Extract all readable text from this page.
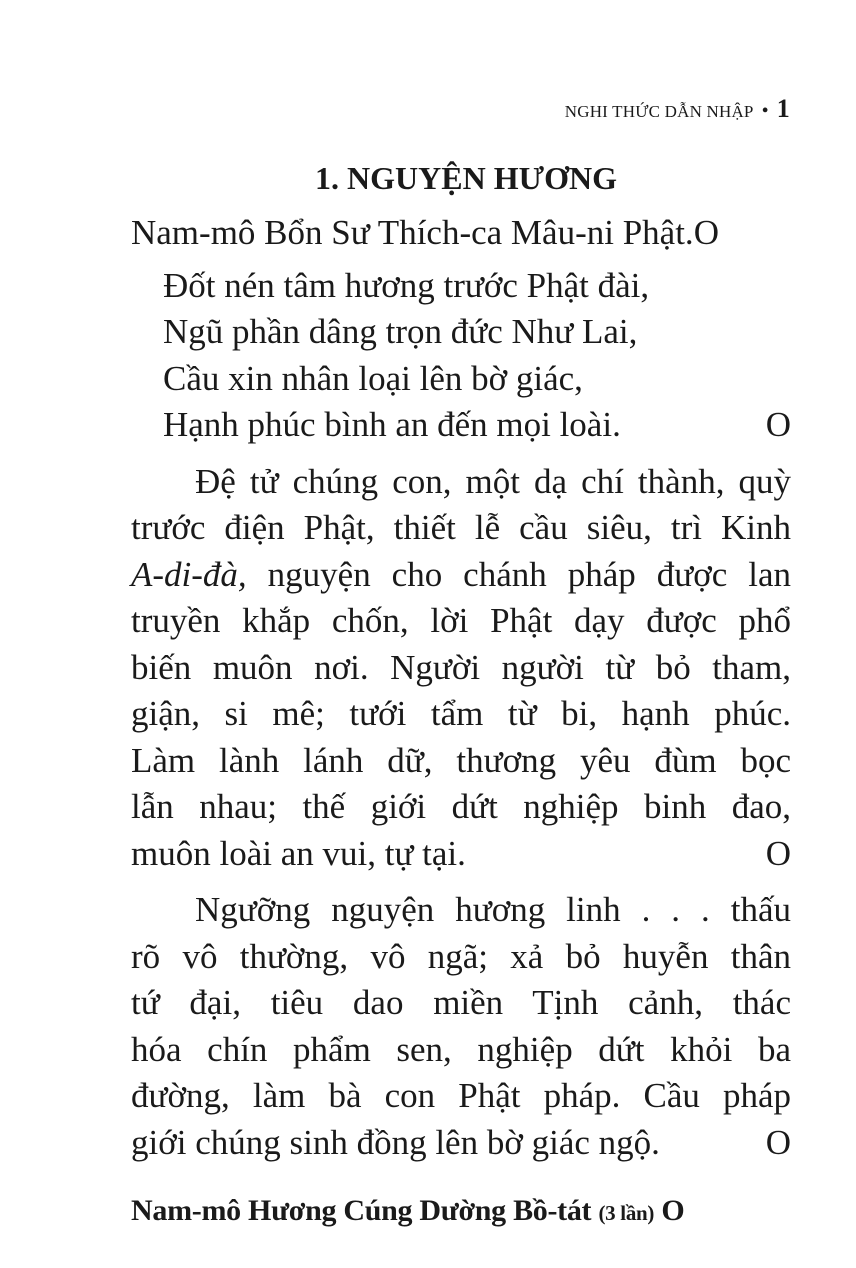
NGHI THỨC DẪN NHẬP • 1
1. NGUYỆN HƯƠNG
Nam-mô Bổn Sư Thích-ca Mâu-ni Phật.O
Đốt nén tâm hương trước Phật đài,
Ngũ phần dâng trọn đức Như Lai,
Cầu xin nhân loại lên bờ giác,
Hạnh phúc bình an đến mọi loài.	O
Đệ tử chúng con, một dạ chí thành, quỳ
trước điện Phật, thiết lễ cầu siêu, trì Kinh
A-di-đà, nguyện cho chánh pháp được lan
truyền khắp chốn, lời Phật dạy được phổ
biến muôn nơi. Người người từ bỏ tham,
giận, si mê; tưới tẩm từ bi, hạnh phúc.
Làm lành lánh dữ, thương yêu đùm bọc
lẫn nhau; thế giới dứt nghiệp binh đao,
muôn loài an vui, tự tại.	O
Ngưỡng nguyện hương linh . . . thấu
rõ vô thường, vô ngã; xả bỏ huyễn thân
tứ đại, tiêu dao miền Tịnh cảnh, thác
hóa chín phẩm sen, nghiệp dứt khỏi ba
đường, làm bà con Phật pháp. Cầu pháp
giới chúng sinh đồng lên bờ giác ngộ.	O
Nam-mô Hương Cúng Dường Bồ-tát (3 lần) O
